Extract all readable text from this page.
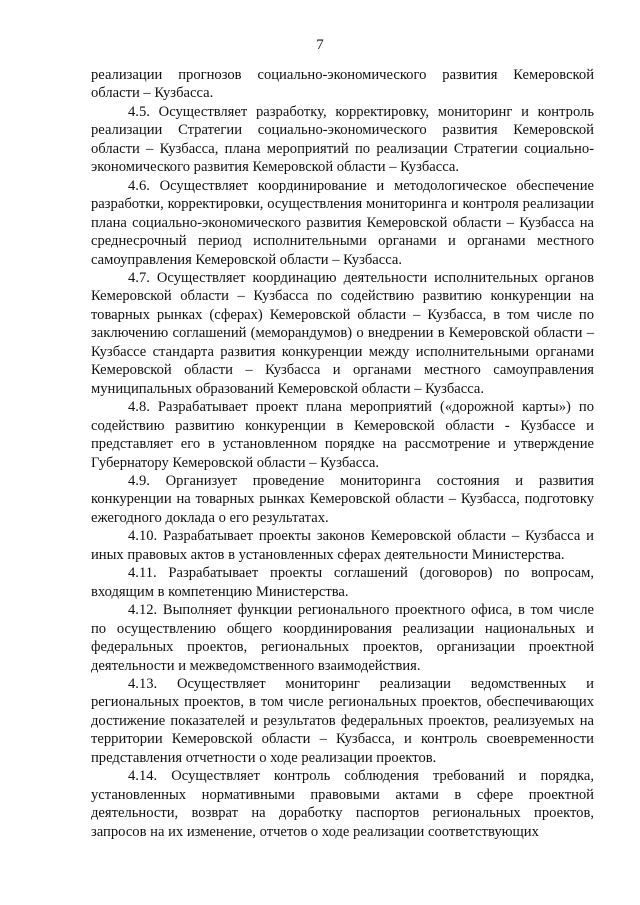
7

реализации прогнозов социально-экономического развития Кемеровской области – Кузбасса.

4.5. Осуществляет разработку, корректировку, мониторинг и контроль реализации Стратегии социально-экономического развития Кемеровской области – Кузбасса, плана мероприятий по реализации Стратегии социально-экономического развития Кемеровской области – Кузбасса.

4.6. Осуществляет координирование и методологическое обеспечение разработки, корректировки, осуществления мониторинга и контроля реализации плана социально-экономического развития Кемеровской области – Кузбасса на среднесрочный период исполнительными органами и органами местного самоуправления Кемеровской области – Кузбасса.

4.7. Осуществляет координацию деятельности исполнительных органов Кемеровской области – Кузбасса по содействию развитию конкуренции на товарных рынках (сферах) Кемеровской области – Кузбасса, в том числе по заключению соглашений (меморандумов) о внедрении в Кемеровской области – Кузбассе стандарта развития конкуренции между исполнительными органами Кемеровской области – Кузбасса и органами местного самоуправления муниципальных образований Кемеровской области – Кузбасса.

4.8. Разрабатывает проект плана мероприятий («дорожной карты») по содействию развитию конкуренции в Кемеровской области - Кузбассе и представляет его в установленном порядке на рассмотрение и утверждение Губернатору Кемеровской области – Кузбасса.

4.9. Организует проведение мониторинга состояния и развития конкуренции на товарных рынках Кемеровской области – Кузбасса, подготовку ежегодного доклада о его результатах.

4.10. Разрабатывает проекты законов Кемеровской области – Кузбасса и иных правовых актов в установленных сферах деятельности Министерства.

4.11. Разрабатывает проекты соглашений (договоров) по вопросам, входящим в компетенцию Министерства.

4.12. Выполняет функции регионального проектного офиса, в том числе по осуществлению общего координирования реализации национальных и федеральных проектов, региональных проектов, организации проектной деятельности и межведомственного взаимодействия.

4.13. Осуществляет мониторинг реализации ведомственных и региональных проектов, в том числе региональных проектов, обеспечивающих достижение показателей и результатов федеральных проектов, реализуемых на территории Кемеровской области – Кузбасса, и контроль своевременности представления отчетности о ходе реализации проектов.

4.14. Осуществляет контроль соблюдения требований и порядка, установленных нормативными правовыми актами в сфере проектной деятельности, возврат на доработку паспортов региональных проектов, запросов на их изменение, отчетов о ходе реализации соответствующих
